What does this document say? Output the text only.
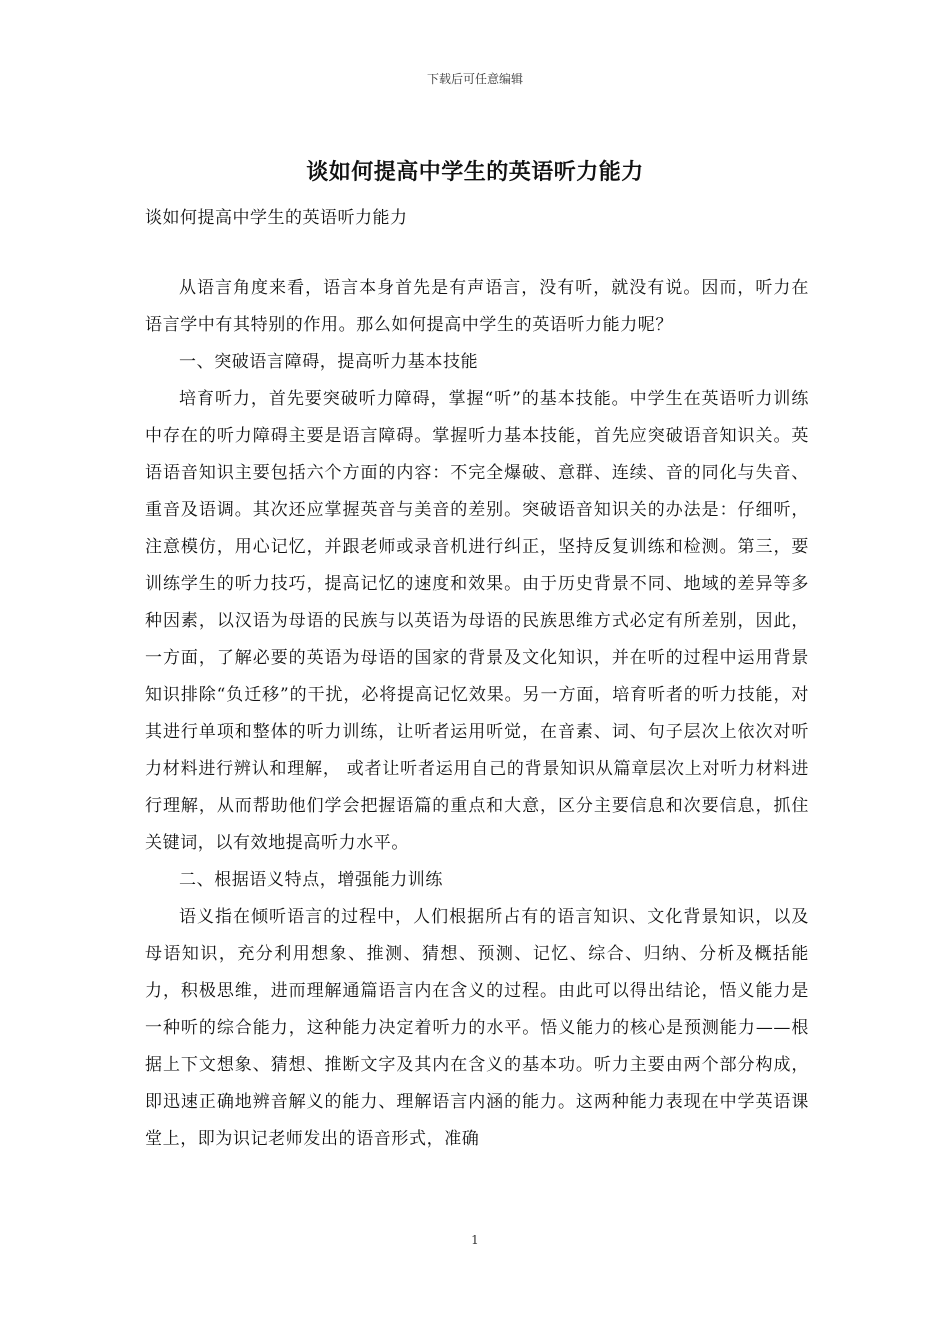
下载后可任意编辑
谈如何提高中学生的英语听力能力
谈如何提高中学生的英语听力能力

从语言角度来看，语言本身首先是有声语言，没有听，就没有说。因而，听力在语言学中有其特别的作用。那么如何提高中学生的英语听力能力呢？

一、突破语言障碍，提高听力基本技能

培育听力，首先要突破听力障碍，掌握“听”的基本技能。中学生在英语听力训练中存在的听力障碍主要是语言障碍。掌握听力基本技能，首先应突破语音知识关。英语语音知识主要包括六个方面的内容：不完全爆破、意群、连续、音的同化与失音、重音及语调。其次还应掌握英音与美音的差别。突破语音知识关的办法是：仔细听，注意模仿，用心记忆，并跟老师或录音机进行纠正，坚持反复训练和检测。第三，要训练学生的听力技巧，提高记忆的速度和效果。由于历史背景不同、地域的差异等多种因素，以汉语为母语的民族与以英语为母语的民族思维方式必定有所差别，因此，一方面，了解必要的英语为母语的国家的背景及文化知识，并在听的过程中运用背景知识排除“负迁移”的干扰，必将提高记忆效果。另一方面，培育听者的听力技能，对其进行单项和整体的听力训练，让听者运用听觉，在音素、词、句子层次上依次对听力材料进行辨认和理解， 或者让听者运用自己的背景知识从篇章层次上对听力材料进行理解，从而帮助他们学会把握语篇的重点和大意，区分主要信息和次要信息，抓住关键词，以有效地提高听力水平。

二、根据语义特点，增强能力训练

语义指在倾听语言的过程中，人们根据所占有的语言知识、文化背景知识，以及母语知识，充分利用想象、推测、猜想、预测、记忆、综合、归纳、分析及概括能力，积极思维，进而理解通篇语言内在含义的过程。由此可以得出结论，悟义能力是一种听的综合能力，这种能力决定着听力的水平。悟义能力的核心是预测能力——根据上下文想象、猜想、推断文字及其内在含义的基本功。听力主要由两个部分构成，即迅速正确地辨音解义的能力、理解语言内涵的能力。这两种能力表现在中学英语课堂上，即为识记老师发出的语音形式，准确

1
